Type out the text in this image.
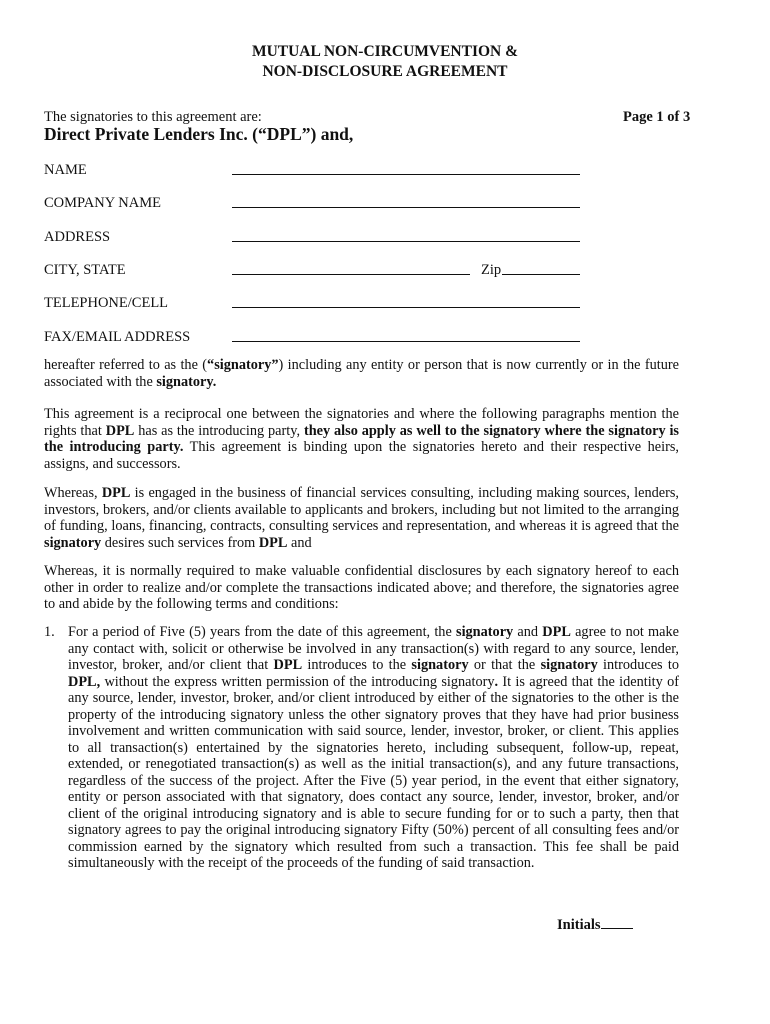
MUTUAL NON-CIRCUMVENTION &
NON-DISCLOSURE AGREEMENT
The signatories to this agreement are:	Page 1 of 3
Direct Private Lenders Inc. (“DPL”) and,
NAME
COMPANY NAME
ADDRESS
CITY, STATE	Zip
TELEPHONE/CELL
FAX/EMAIL ADDRESS

hereafter referred to as the (“signatory”) including any entity or person that is now currently or in the future associated with the signatory.

This agreement is a reciprocal one between the signatories and where the following paragraphs mention the rights that DPL has as the introducing party, they also apply as well to the signatory where the signatory is the introducing party. This agreement is binding upon the signatories hereto and their respective heirs, assigns, and successors.

Whereas, DPL is engaged in the business of financial services consulting, including making sources, lenders, investors, brokers, and/or clients available to applicants and brokers, including but not limited to the arranging of funding, loans, financing, contracts, consulting services and representation, and whereas it is agreed that the signatory desires such services from DPL and

Whereas, it is normally required to make valuable confidential disclosures by each signatory hereof to each other in order to realize and/or complete the transactions indicated above; and therefore, the signatories agree to and abide by the following terms and conditions:

1. For a period of Five (5) years from the date of this agreement, the signatory and DPL agree to not make any contact with, solicit or otherwise be involved in any transaction(s) with regard to any source, lender, investor, broker, and/or client that DPL introduces to the signatory or that the signatory introduces to DPL, without the express written permission of the introducing signatory. It is agreed that the identity of any source, lender, investor, broker, and/or client introduced by either of the signatories to the other is the property of the introducing signatory unless the other signatory proves that they have had prior business involvement and written communication with said source, lender, investor, broker, or client. This applies to all transaction(s) entertained by the signatories hereto, including subsequent, follow-up, repeat, extended, or renegotiated transaction(s) as well as the initial transaction(s), and any future transactions, regardless of the success of the project. After the Five (5) year period, in the event that either signatory, entity or person associated with that signatory, does contact any source, lender, investor, broker, and/or client of the original introducing signatory and is able to secure funding for or to such a party, then that signatory agrees to pay the original introducing signatory Fifty (50%) percent of all consulting fees and/or commission earned by the signatory which resulted from such a transaction. This fee shall be paid simultaneously with the receipt of the proceeds of the funding of said transaction.

Initials
